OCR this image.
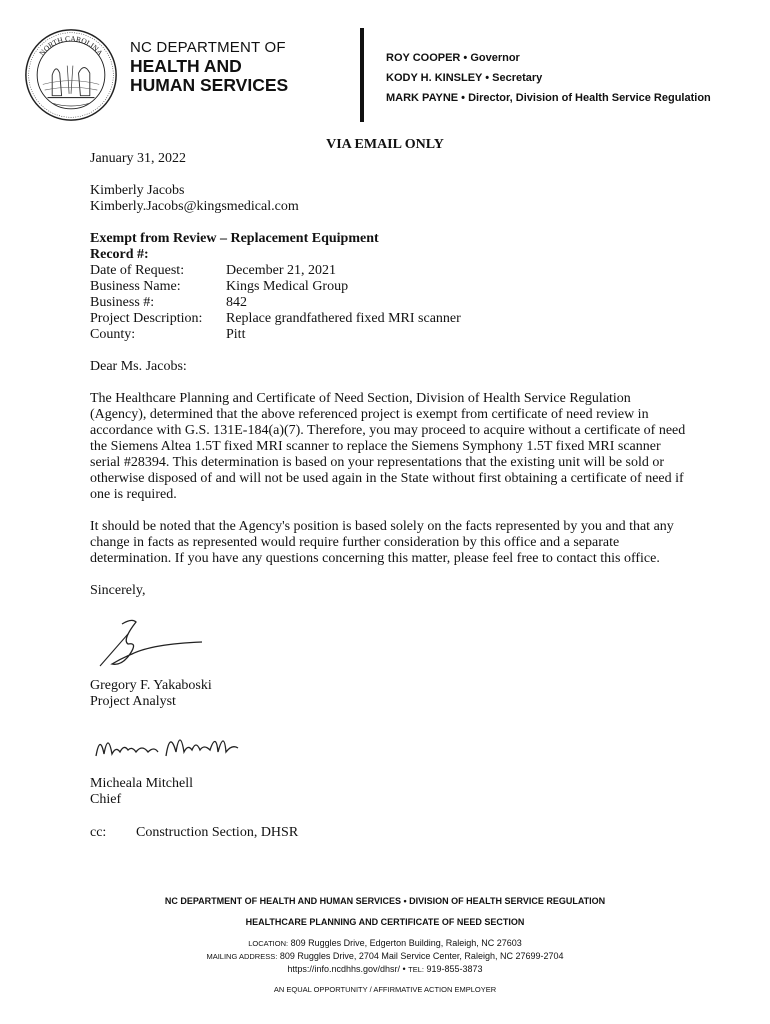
NORTH CAROLINA NC DEPARTMENT OF
HEALTH AND
HUMAN SERVICES
ROY COOPER • Governor
KODY H. KINSLEY • Secretary
MARK PAYNE • Director, Division of Health Service Regulation
VIA EMAIL ONLY
January 31, 2022
Kimberly Jacobs
Kimberly.Jacobs@kingsmedical.com
Exempt from Review – Replacement Equipment
Record #:
Date of Request:	December 21, 2021
Business Name:	Kings Medical Group
Business #:	842
Project Description:	Replace grandfathered fixed MRI scanner
County:	Pitt
Dear Ms. Jacobs:

The Healthcare Planning and Certificate of Need Section, Division of Health Service Regulation (Agency), determined that the above referenced project is exempt from certificate of need review in accordance with G.S. 131E-184(a)(7). Therefore, you may proceed to acquire without a certificate of need the Siemens Altea 1.5T fixed MRI scanner to replace the Siemens Symphony 1.5T fixed MRI scanner serial #28394. This determination is based on your representations that the existing unit will be sold or otherwise disposed of and will not be used again in the State without first obtaining a certificate of need if one is required.

It should be noted that the Agency's position is based solely on the facts represented by you and that any change in facts as represented would require further consideration by this office and a separate determination. If you have any questions concerning this matter, please feel free to contact this office.

Sincerely,
Gregory F. Yakaboski
Project Analyst
Micheala Mitchell
Chief
cc:	Construction Section, DHSR
NC DEPARTMENT OF HEALTH AND HUMAN SERVICES • DIVISION OF HEALTH SERVICE REGULATION
HEALTHCARE PLANNING AND CERTIFICATE OF NEED SECTION
LOCATION: 809 Ruggles Drive, Edgerton Building, Raleigh, NC 27603
MAILING ADDRESS: 809 Ruggles Drive, 2704 Mail Service Center, Raleigh, NC 27699-2704
https://info.ncdhhs.gov/dhsr/ • TEL: 919-855-3873
AN EQUAL OPPORTUNITY / AFFIRMATIVE ACTION EMPLOYER
